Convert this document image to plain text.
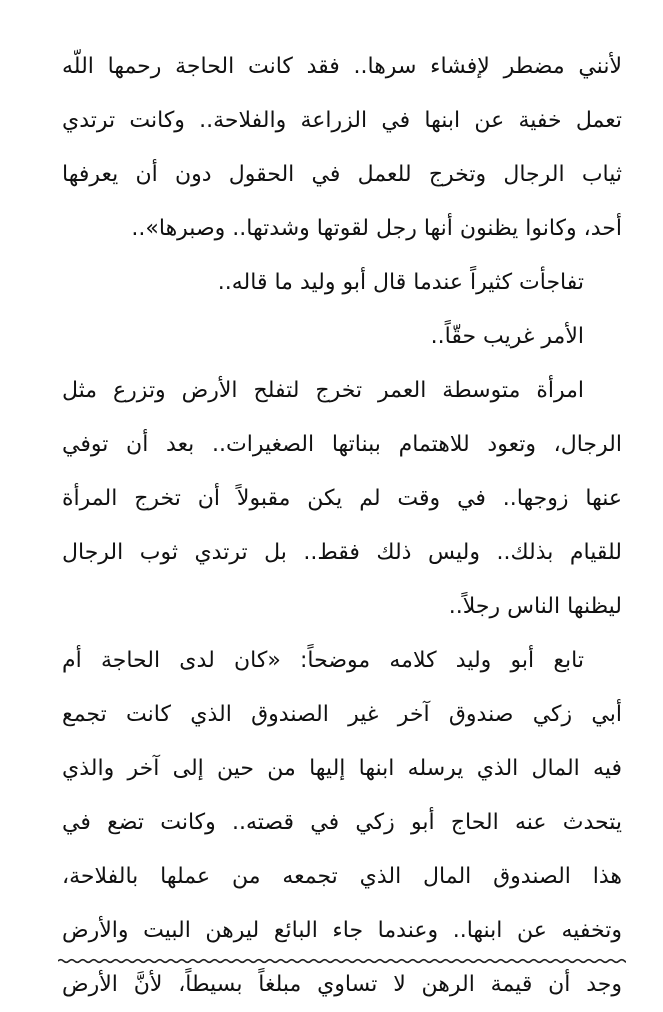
لأنني مضطر لإفشاء سرها.. فقد كانت الحاجة رحمها اللّه
تعمل خفية عن ابنها في الزراعة والفلاحة.. وكانت ترتدي
ثياب الرجال وتخرج للعمل في الحقول دون أن يعرفها
أحد، وكانوا يظنون أنها رجل لقوتها وشدتها.. وصبرها»..
تفاجأت كثيراً عندما قال أبو وليد ما قاله..
الأمر غريب حقّاً..
امرأة متوسطة العمر تخرج لتفلح الأرض وتزرع مثل
الرجال، وتعود للاهتمام ببناتها الصغيرات.. بعد أن توفي
عنها زوجها.. في وقت لم يكن مقبولاً أن تخرج المرأة
للقيام بذلك.. وليس ذلك فقط.. بل ترتدي ثوب الرجال
ليظنها الناس رجلاً..
تابع أبو وليد كلامه موضحاً: «كان لدى الحاجة أم
أبي زكي صندوق آخر غير الصندوق الذي كانت تجمع
فيه المال الذي يرسله ابنها إليها من حين إلى آخر والذي
يتحدث عنه الحاج أبو زكي في قصته.. وكانت تضع في
هذا الصندوق المال الذي تجمعه من عملها بالفلاحة،
وتخفيه عن ابنها.. وعندما جاء البائع ليرهن البيت والأرض
وجد أن قيمة الرهن لا تساوي مبلغاً بسيطاً، لأنَّ الأرض
